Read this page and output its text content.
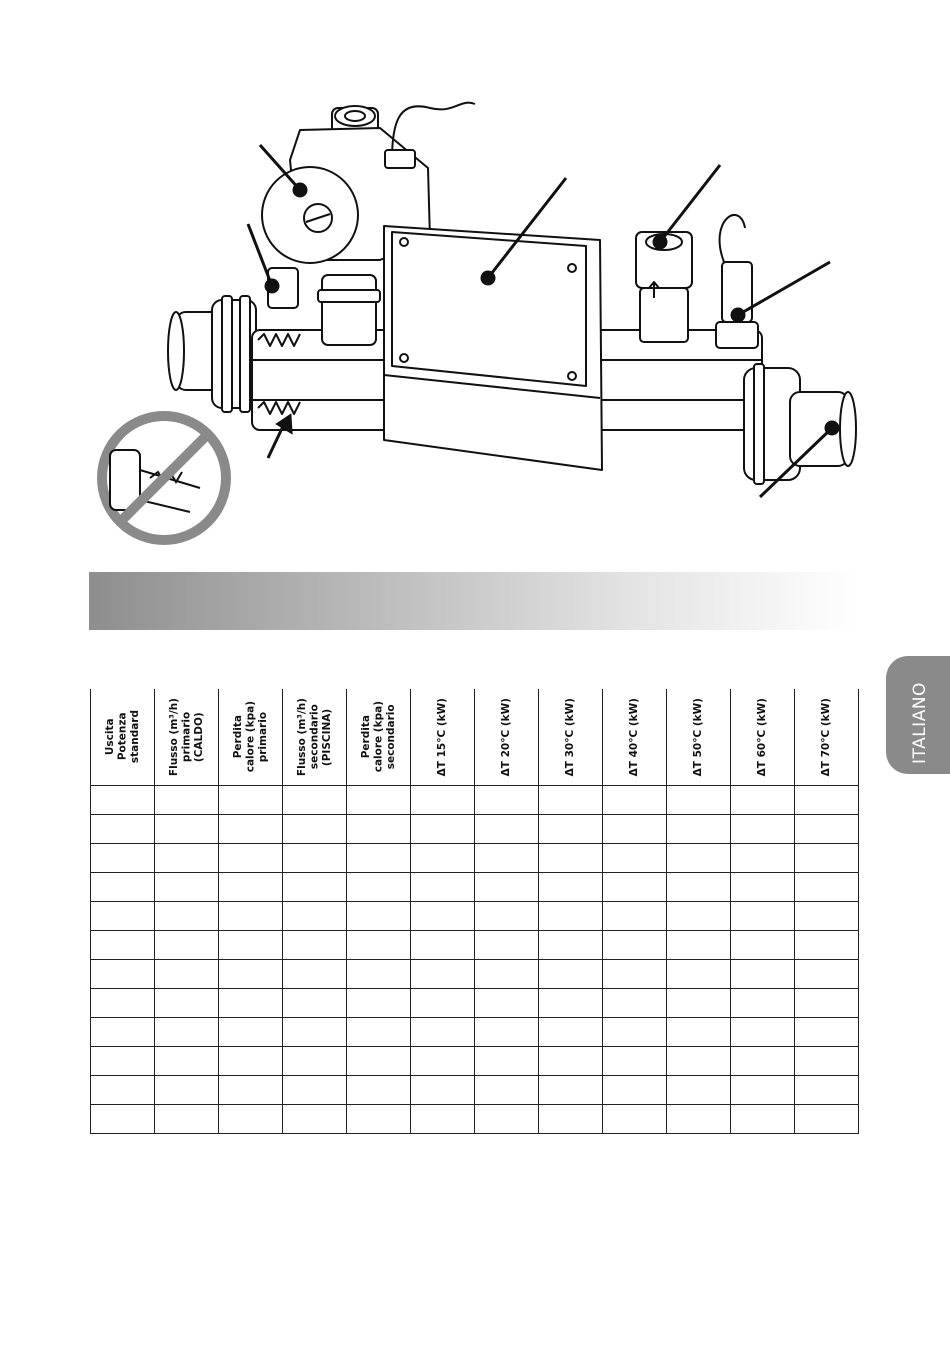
ITALIANO
Uscita
Potenza
standard	Flusso (m³/h)
primario
(CALDO)	Perdita
calore (kpa)
primario	Flusso (m³/h)
secondario
(PISCINA)	Perdita
calore (kpa)
secondario	ΔT 15°C (kW)	ΔT 20°C (kW)	ΔT 30°C (kW)	ΔT 40°C (kW)	ΔT 50°C (kW)	ΔT 60°C (kW)	ΔT 70°C (kW)
